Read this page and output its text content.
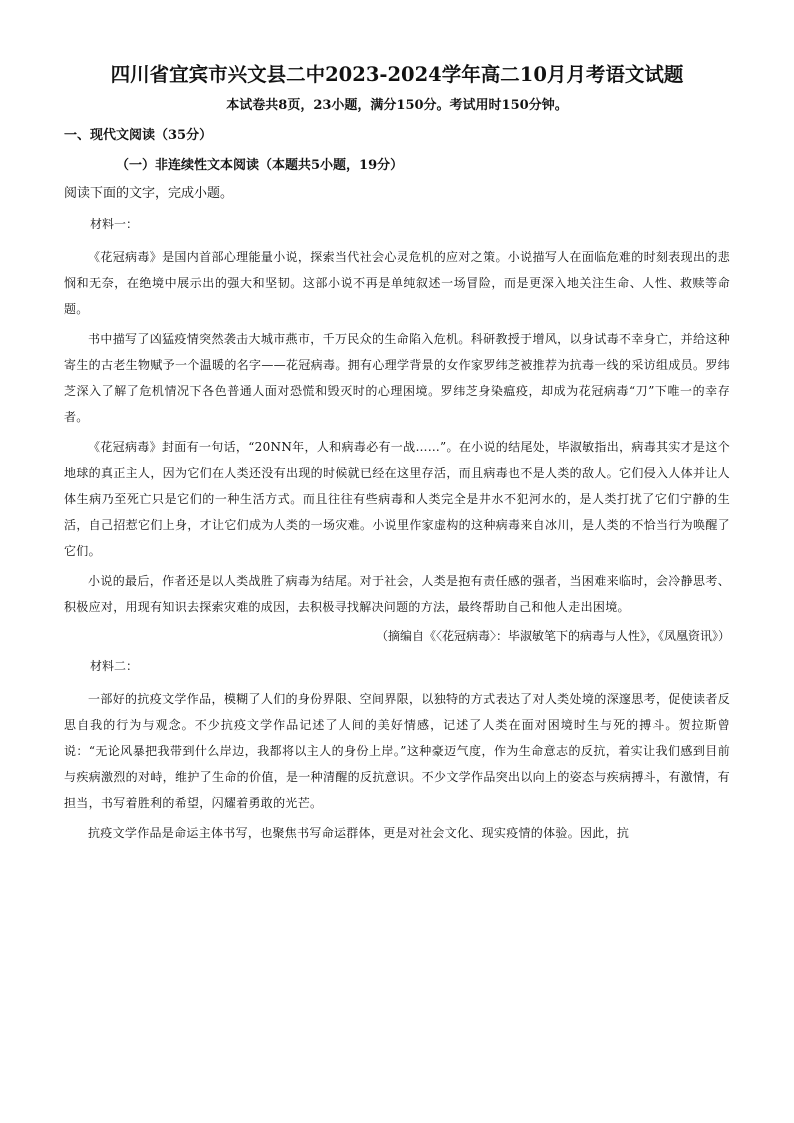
四川省宜宾市兴文县二中2023-2024学年高二10月月考语文试题
本试卷共8页，23小题，满分150分。考试用时150分钟。
一、现代文阅读（35分）
（一）非连续性文本阅读（本题共5小题，19分）
阅读下面的文字，完成小题。
材料一：

《花冠病毒》是国内首部心理能量小说，探索当代社会心灵危机的应对之策。小说描写人在面临危难的时刻表现出的悲悯和无奈，在绝境中展示出的强大和坚韧。这部小说不再是单纯叙述一场冒险，而是更深入地关注生命、人性、救赎等命题。

书中描写了凶猛疫情突然袭击大城市燕市，千万民众的生命陷入危机。科研教授于增风，以身试毒不幸身亡，并给这种寄生的古老生物赋予一个温暖的名字——花冠病毒。拥有心理学背景的女作家罗纬芝被推荐为抗毒一线的采访组成员。罗纬芝深入了解了危机情况下各色普通人面对恐慌和毁灭时的心理困境。罗纬芝身染瘟疫，却成为花冠病毒“刀”下唯一的幸存者。

《花冠病毒》封面有一句话，“20NN年，人和病毒必有一战……”。在小说的结尾处，毕淑敏指出，病毒其实才是这个地球的真正主人，因为它们在人类还没有出现的时候就已经在这里存活，而且病毒也不是人类的敌人。它们侵入人体并让人体生病乃至死亡只是它们的一种生活方式。而且往往有些病毒和人类完全是井水不犯河水的，是人类打扰了它们宁静的生活，自己招惹它们上身，才让它们成为人类的一场灾难。小说里作家虚构的这种病毒来自冰川，是人类的不恰当行为唤醒了它们。

小说的最后，作者还是以人类战胜了病毒为结尾。对于社会，人类是抱有责任感的强者，当困难来临时，会冷静思考、积极应对，用现有知识去探索灾难的成因，去积极寻找解决问题的方法，最终帮助自己和他人走出困境。

（摘编自《〈花冠病毒〉：毕淑敏笔下的病毒与人性》，《凤凰资讯》）
材料二：

一部好的抗疫文学作品，模糊了人们的身份界限、空间界限，以独特的方式表达了对人类处境的深邃思考，促使读者反思自我的行为与观念。不少抗疫文学作品记述了人间的美好情感，记述了人类在面对困境时生与死的搏斗。贺拉斯曾说：“无论风暴把我带到什么岸边，我都将以主人的身份上岸。”这种豪迈气度，作为生命意志的反抗，着实让我们感到目前与疾病激烈的对峙，维护了生命的价值，是一种清醒的反抗意识。不少文学作品突出以向上的姿态与疾病搏斗，有激情，有担当，书写着胜利的希望，闪耀着勇敢的光芒。

抗疫文学作品是命运主体书写，也聚焦书写命运群体，更是对社会文化、现实疫情的体验。因此，抗
